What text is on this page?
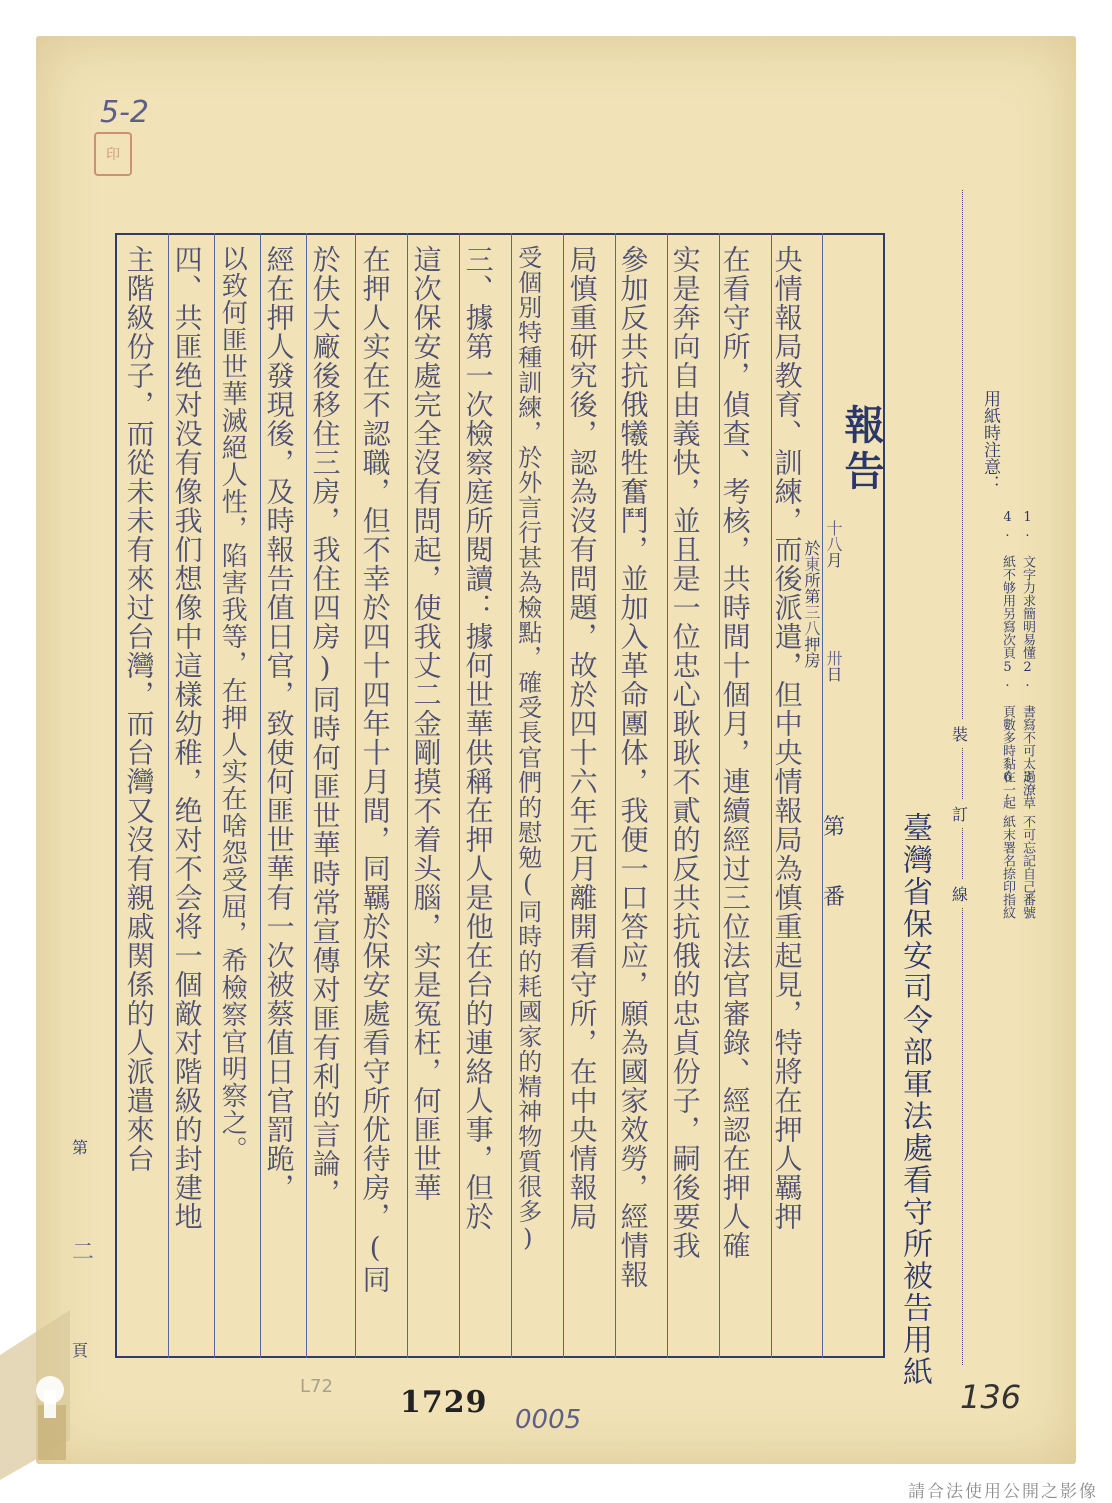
5-2
印
裝
訂
線
用紙時注意：
1. 文字力求簡明易懂
4. 紙不够用另寫次頁
2. 書寫不可太過潦草
5. 頁數多時黏在一起
3. 不可忘記自己番號
6. 紙末署名捺印指紋
報告
十八月
卅日
於東所第三八押房
第
番 臺灣省保安司令部軍法處看守所被告用紙
央情報局教育、訓練，而後派遣，但中央情報局為慎重起見，特將在押人羈押
在看守所，偵查、考核，共時間十個月，連續經过三位法官審錄、經認在押人確
实是奔向自由義快，並且是一位忠心耿耿不貳的反共抗俄的忠貞份子，嗣後要我
參加反共抗俄犧牲奮鬥，並加入革命團体，我便一口答应，願為國家效勞，經情報
局慎重研究後，認為沒有問題，故於四十六年元月離開看守所，在中央情報局
受個別特種訓練，於外言行甚為檢點，確受長官們的慰勉(同時的耗國家的精神物質很多)
三、據第一次檢察庭所閱讀：據何世華供稱在押人是他在台的連絡人事，但於
這次保安處完全沒有問起，使我丈二金剛摸不着头腦，实是冤枉，何匪世華
在押人实在不認職，但不幸於四十四年十月間，同羈於保安處看守所优待房，(同
於伕大廠後移住三房，我住四房)同時何匪世華時常宣傳对匪有利的言論，
經在押人發現後，及時報告值日官，致使何匪世華有一次被蔡值日官罰跪，
以致何匪世華滅絕人性，陷害我等，在押人实在啥怨受屈，希檢察官明察之。
四、共匪绝对没有像我们想像中這樣幼稚，绝对不会将一個敵对階級的封建地
主階級份子，而從未未有來过台灣，而台灣又沒有親戚関係的人派遣來台
第
二
頁
L72 1729 0005
136
請合法使用公開之影像
